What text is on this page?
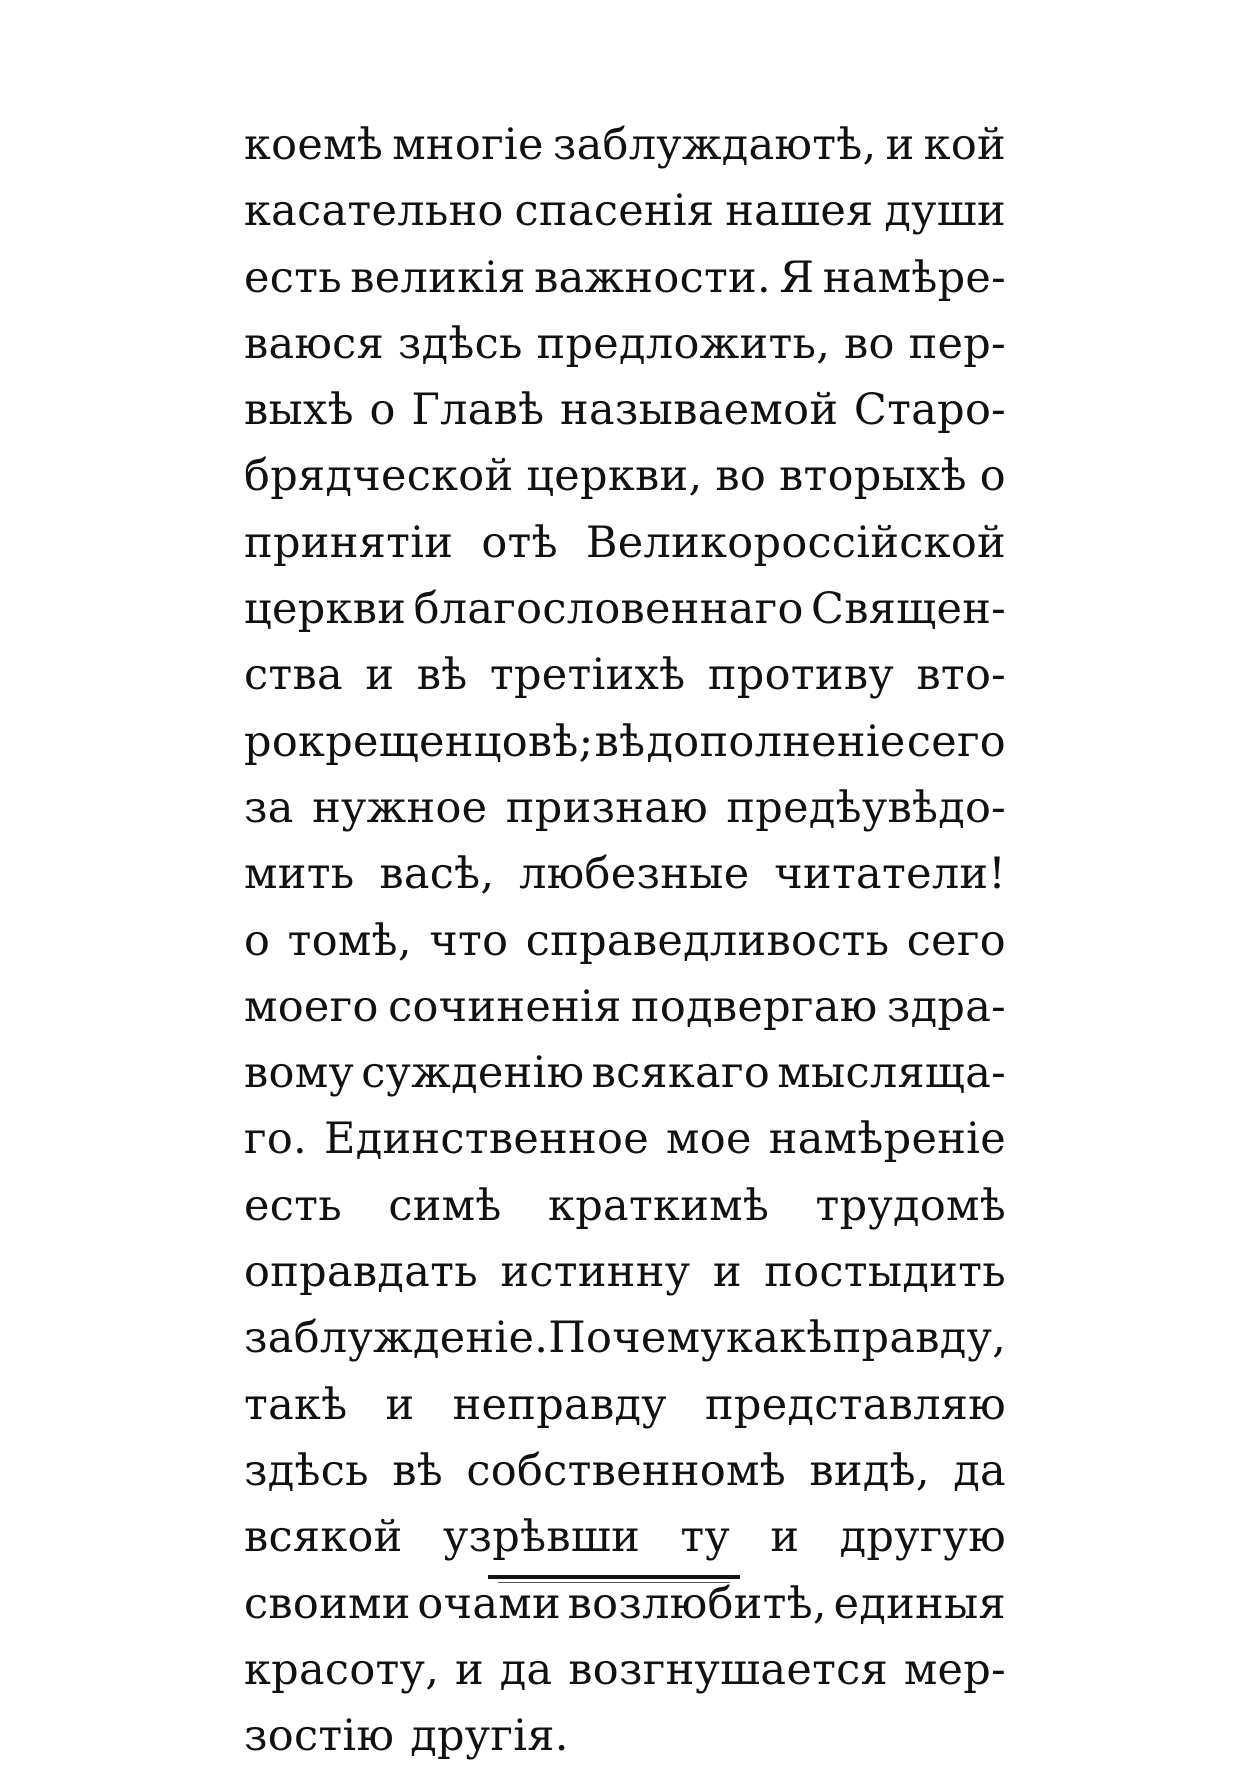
коемѣ многіе заблуждаютѣ, и кой
касательно спасенія нашея души
есть великія важности. Я намѣре-
ваюся здѣсь предложить, во пер-
выхѣ о Главѣ называемой Старо-
брядческой церкви, во вторыхѣ о
принятіи отѣ Великороссійской
церкви благословеннаго Священ-
ства и вѣ третіихѣ противу вто-
рокрещенцовѣ; вѣ дополненіе сего
за нужное признаю предѣувѣдо-
мить васѣ, любезные читатели!
о томѣ, что справедливость сего
моего сочиненія подвергаю здра-
вому сужденію всякаго мысляща-
го. Единственное мое намѣреніе
есть симѣ краткимѣ трудомѣ
оправдать истинну и постыдить
заблужденіе. По чему какѣ правду,
такѣ и неправду представляю
здѣсь вѣ собственномѣ видѣ, да
всякой узрѣвши ту и другую
своими очами возлюбитѣ, единыя
красоту, и да возгнушается мер-
зостію другія.
